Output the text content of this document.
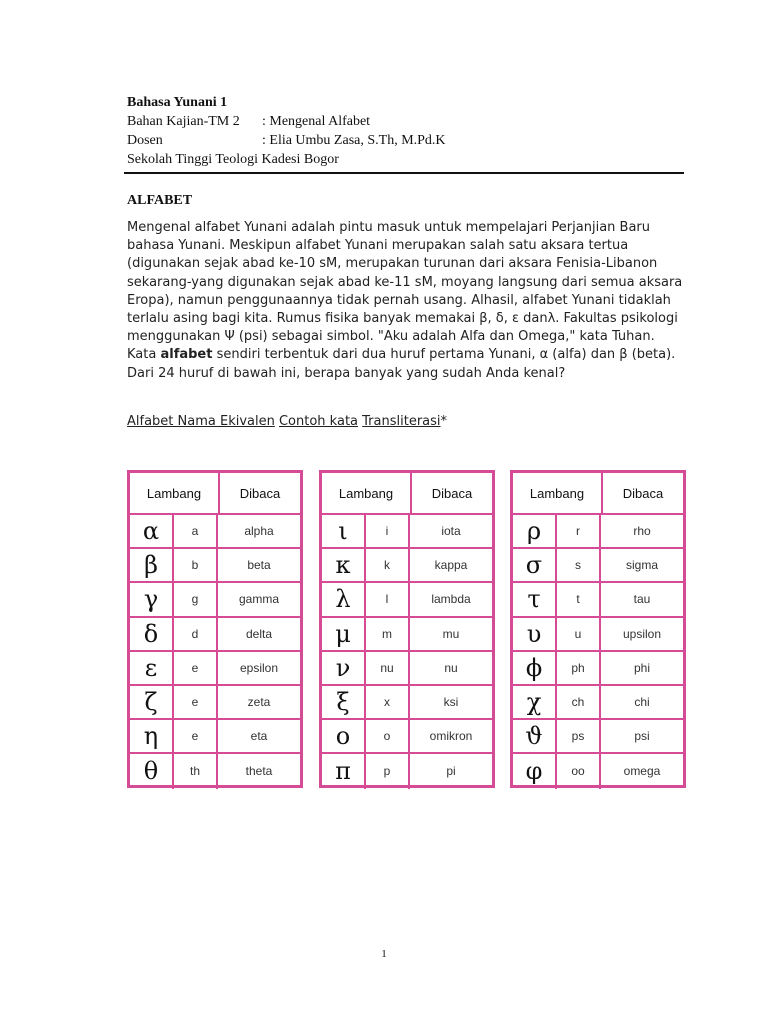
Bahasa Yunani 1
Bahan Kajian-TM 2	: Mengenal Alfabet
Dosen	: Elia Umbu Zasa, S.Th, M.Pd.K
Sekolah Tinggi Teologi Kadesi Bogor
ALFABET

Mengenal alfabet Yunani adalah pintu masuk untuk mempelajari Perjanjian Baru bahasa Yunani. Meskipun alfabet Yunani merupakan salah satu aksara tertua (digunakan sejak abad ke-10 sM, merupakan turunan dari aksara Fenisia-Libanon sekarang-yang digunakan sejak abad ke-11 sM, moyang langsung dari semua aksara Eropa), namun penggunaannya tidak pernah usang. Alhasil, alfabet Yunani tidaklah terlalu asing bagi kita. Rumus fisika banyak memakai β, δ, ε danλ. Fakultas psikologi menggunakan Ψ (psi) sebagai simbol. "Aku adalah Alfa dan Omega," kata Tuhan. Kata alfabet sendiri terbentuk dari dua huruf pertama Yunani, α (alfa) dan β (beta). Dari 24 huruf di bawah ini, berapa banyak yang sudah Anda kenal?

Alfabet Nama Ekivalen Contoh kata Transliterasi*
Lambang	Dibaca
α	a	alpha
β	b	beta
γ	g	gamma
δ	d	delta
ε	e	epsilon
ζ	e	zeta
η	e	eta
θ	th	theta
Lambang	Dibaca
ι	i	iota
κ	k	kappa
λ	l	lambda
μ	m	mu
ν	nu	nu
ξ	x	ksi
ο	o	omikron
π	p	pi
Lambang	Dibaca
ρ	r	rho
σ	s	sigma
τ	t	tau
υ	u	upsilon
ϕ	ph	phi
χ	ch	chi
ϑ	ps	psi
φ	oo	omega
1
